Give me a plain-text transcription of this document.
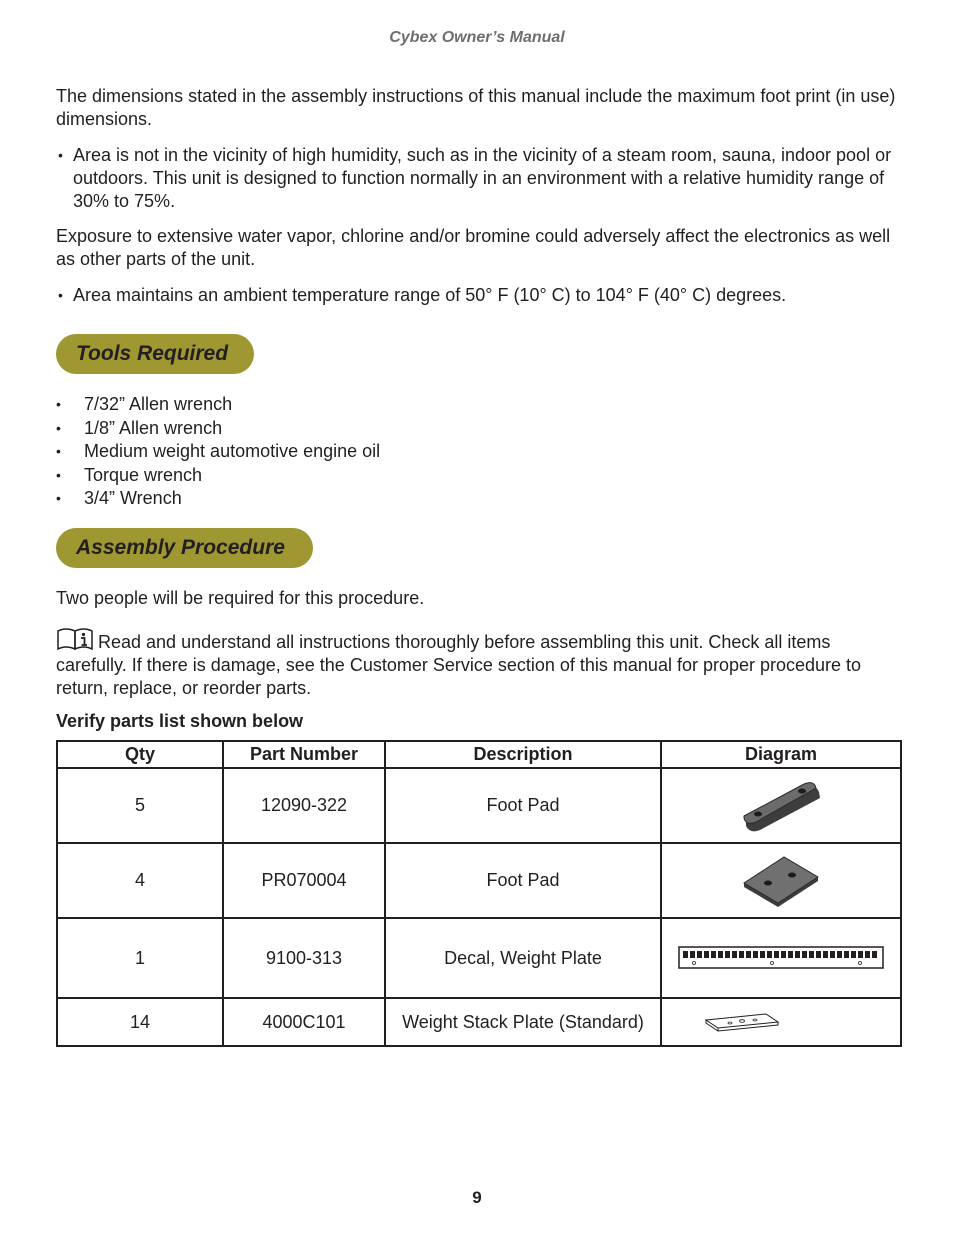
Cybex Owner’s Manual

The dimensions stated in the assembly instructions of this manual include the maximum foot print (in use) dimensions.

• Area is not in the vicinity of high humidity, such as in the vicinity of a steam room, sauna, indoor pool or outdoors. This unit is designed to function normally in an environment with a relative humidity range of 30% to 75%.

Exposure to extensive water vapor, chlorine and/or bromine could adversely affect the electronics as well as other parts of the unit.

• Area maintains an ambient temperature range of 50° F (10° C) to 104° F (40° C) degrees.
Tools Required
• 7/32” Allen wrench
• 1/8” Allen wrench
• Medium weight automotive engine oil
• Torque wrench
• 3/4” Wrench
Assembly Procedure

Two people will be required for this procedure.

Read and understand all instructions thoroughly before assembling this unit. Check all items carefully. If there is damage, see the Customer Service section of this manual for proper procedure to return, replace, or reorder parts.

Verify parts list shown below
Qty	Part Number	Description	Diagram
5	12090-322	Foot Pad	

4	PR070004	Foot Pad	

1	9100-313	Decal, Weight Plate	

14	4000C101	Weight Stack Plate (Standard)	
9
